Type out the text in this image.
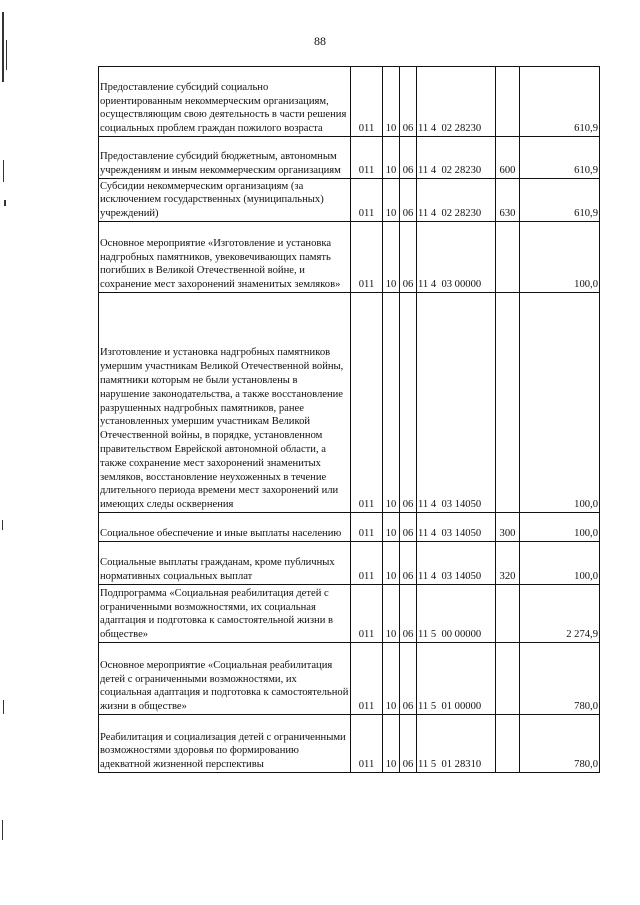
88
Предоставление субсидий социально ориентированным некоммерческим организациям, осуществляющим свою деятельность в части решения социальных проблем граждан пожилого возраста	011	10	06	11 4  02 28230		610,9
Предоставление субсидий бюджетным, автономным учреждениям и иным некоммерческим организациям	011	10	06	11 4  02 28230	600	610,9
Субсидии некоммерческим организациям (за исключением государственных (муниципальных) учреждений)	011	10	06	11 4  02 28230	630	610,9
Основное мероприятие «Изготовление и установка надгробных памятников, увековечивающих память погибших в Великой Отечественной войне, и сохранение мест захоронений знаменитых земляков»	011	10	06	11 4  03 00000		100,0
Изготовление и установка надгробных памятников умершим участникам Великой Отечественной войны, памятники которым не были установлены в нарушение законодательства, а также восстановление разрушенных надгробных памятников, ранее установленных умершим участникам Великой Отечественной войны, в порядке, установленном правительством Еврейской автономной области, а также сохранение мест захоронений знаменитых земляков, восстановление неухоженных в течение длительного периода времени мест захоронений или имеющих следы осквернения	011	10	06	11 4  03 14050		100,0
Социальное обеспечение и иные выплаты населению	011	10	06	11 4  03 14050	300	100,0
Социальные выплаты гражданам, кроме публичных нормативных социальных выплат	011	10	06	11 4  03 14050	320	100,0
Подпрограмма «Социальная реабилитация детей с ограниченными возможностями, их социальная адаптация и подготовка к самостоятельной жизни в обществе»	011	10	06	11 5  00 00000		2 274,9
Основное мероприятие «Социальная реабилитация детей с ограниченными возможностями, их социальная адаптация и подготовка к самостоятельной жизни в обществе»	011	10	06	11 5  01 00000		780,0
Реабилитация и социализация детей с ограниченными возможностями здоровья по формированию адекватной жизненной перспективы	011	10	06	11 5  01 28310		780,0
